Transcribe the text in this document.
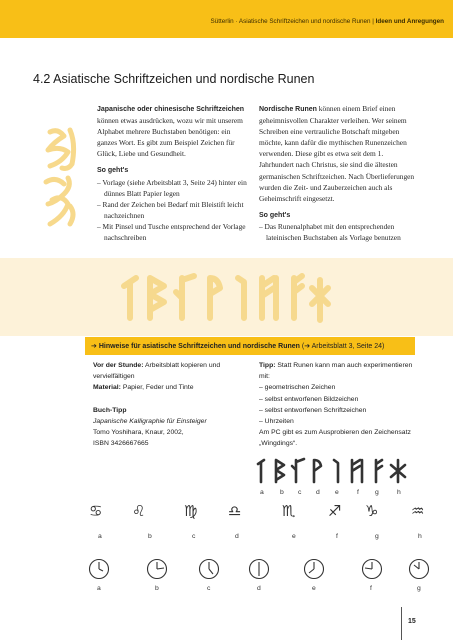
Sütterlin · Asiatische Schriftzeichen und nordische Runen | Ideen und Anregungen
4.2 Asiatische Schriftzeichen und nordische Runen

Japanische oder chinesische Schriftzeichen können etwas ausdrücken, wozu wir mit unserem Alphabet mehrere Buchstaben benötigen: ein ganzes Wort. Es gibt zum Beispiel Zeichen für Glück, Liebe und Gesundheit.

So geht's
– Vorlage (siehe Arbeitsblatt 3, Seite 24) hinter ein dünnes Blatt Papier legen
– Rand der Zeichen bei Bedarf mit Bleistift leicht nachzeichnen
– Mit Pinsel und Tusche entsprechend der Vorlage nachschreiben

Nordische Runen können einem Brief einen geheimnisvollen Charakter verleihen. Wer seinem Schreiben eine vertrauliche Botschaft mitgeben möchte, kann dafür die mythischen Runenzeichen verwenden. Diese gibt es etwa seit dem 1. Jahrhundert nach Christus, sie sind die ältesten germanischen Schriftzeichen. Nach Überlieferungen wurden die Zeit- und Zauberzeichen auch als Geheimschrift eingesetzt.

So geht's
– Das Runenalphabet mit den entsprechenden lateinischen Buchstaben als Vorlage benutzen
➔ Hinweise für asiatische Schriftzeichen und nordische Runen (➔ Arbeitsblatt 3, Seite 24)
Vor der Stunde: Arbeitsblatt kopieren und vervielfältigen
Material: Papier, Feder und Tinte
Buch-Tipp
Japanische Kalligraphie für Einsteiger
Tomo Yoshihara, Knaur, 2002,
ISBN 3426667665
Tipp: Statt Runen kann man auch experimentieren mit:
– geometrischen Zeichen
– selbst entworfenen Bildzeichen
– selbst entworfenen Schriftzeichen
– Uhrzeiten
Am PC gibt es zum Ausprobieren den Zeichensatz „Wingdings“.
a b c d e	f g	h
♋ ♌	♍ ♎	♏ ♐ ♑ ♒
a	b	c	d	e	f	g	h
a	b	c	d	e	f	g
15
